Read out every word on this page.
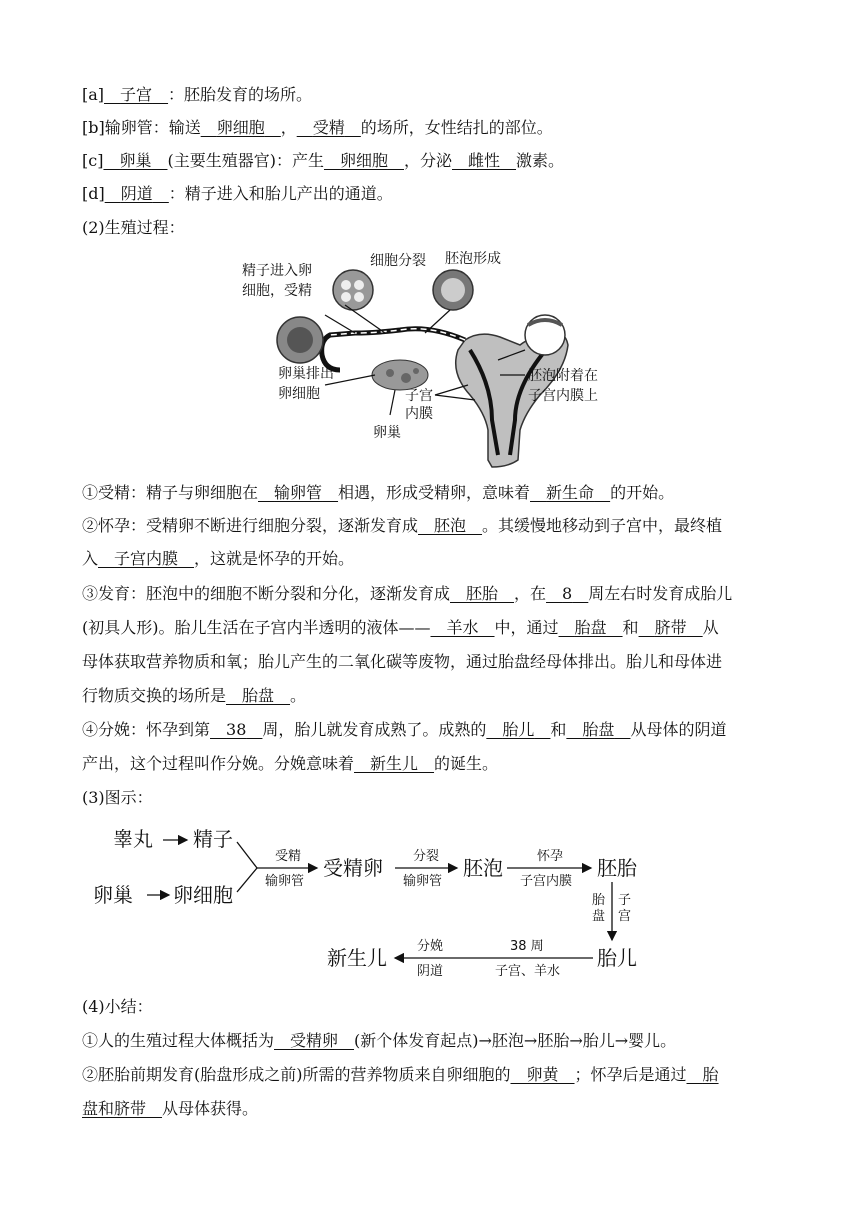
[a]__子宫__：胚胎发育的场所。
[b]输卵管：输送__卵细胞__，__受精__的场所，女性结扎的部位。
[c]__卵巢__(主要生殖器官)：产生__卵细胞__，分泌__雌性__激素。
[d]__阴道__：精子进入和胎儿产出的通道。
(2)生殖过程：
精子进入卵
细胞，受精
细胞分裂 胚泡形成
卵巢排出
卵细胞	子宫
内膜
卵巢
胚泡附着在
子宫内膜上
①受精：精子与卵细胞在__输卵管__相遇，形成受精卵，意味着__新生命__的开始。
②怀孕：受精卵不断进行细胞分裂，逐渐发育成__胚泡__。其缓慢地移动到子宫中，最终植
入__子宫内膜__，这就是怀孕的开始。
③发育：胚泡中的细胞不断分裂和分化，逐渐发育成__胚胎__，在__8__周左右时发育成胎儿
(初具人形)。胎儿生活在子宫内半透明的液体——__羊水__中，通过__胎盘__和__脐带__从
母体获取营养物质和氧；胎儿产生的二氧化碳等废物，通过胎盘经母体排出。胎儿和母体进
行物质交换的场所是__胎盘__。
④分娩：怀孕到第__38__周，胎儿就发育成熟了。成熟的__胎儿__和__胎盘__从母体的阴道
产出，这个过程叫作分娩。分娩意味着__新生儿__的诞生。
(3)图示：
睾丸 精子
卵巢 卵细胞
受精
输卵管
受精卵 分裂
输卵管
胚泡	怀孕
子宫内膜
胚胎
胎
盘
子
宫
胎儿
38 周
子宫、羊水
分娩
阴道
新生儿
(4)小结：
①人的生殖过程大体概括为__受精卵__(新个体发育起点)→胚泡→胚胎→胎儿→婴儿。
②胚胎前期发育(胎盘形成之前)所需的营养物质来自卵细胞的__卵黄__；怀孕后是通过__胎
盘和脐带__从母体获得。
